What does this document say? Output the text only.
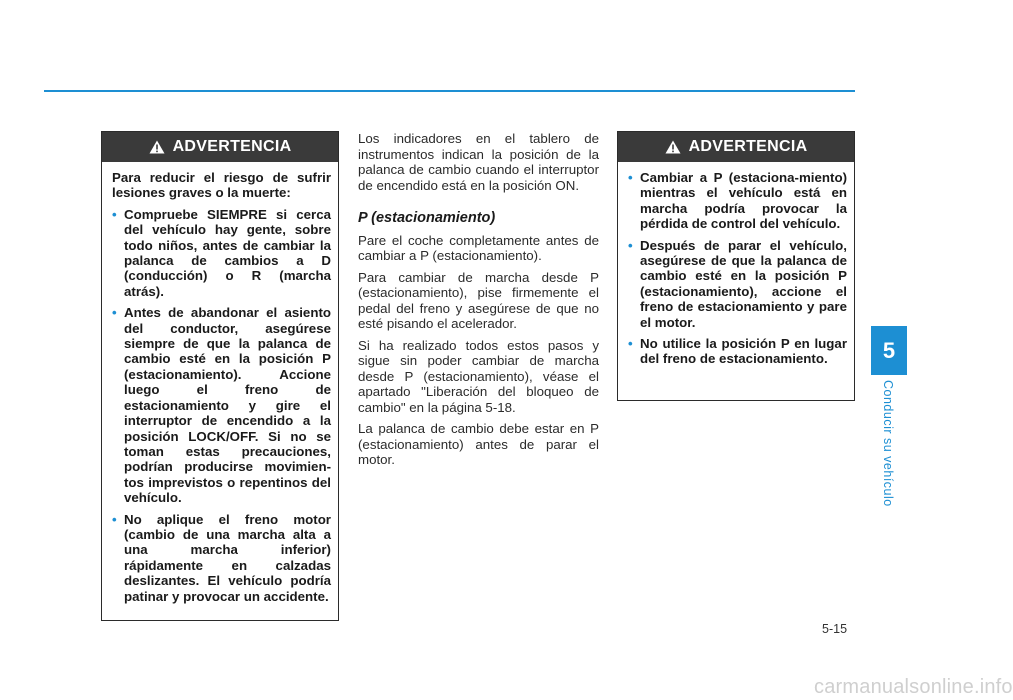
ADVERTENCIA

Para reducir el riesgo de sufrir lesiones graves o la muerte:

• Compruebe SIEMPRE si cerca del vehículo hay gente, sobre todo niños, antes de cambiar la palanca de cambios a D (conducción) o R (marcha atrás).
• Antes de abandonar el asiento del conductor, asegúrese siempre de que la palanca de cambio esté en la posición P (estacionamiento). Accione luego el freno de estacionamiento y gire el interruptor de encendido a la posición LOCK/OFF. Si no se toman estas precauciones, podrían producirse movimien-tos imprevistos o repentinos del vehículo.
• No aplique el freno motor (cambio de una marcha alta a una marcha inferior) rápidamente en calzadas deslizantes. El vehículo podría patinar y provocar un accidente.

Los indicadores en el tablero de instrumentos indican la posición de la palanca de cambio cuando el interruptor de encendido está en la posición ON.

P (estacionamiento)

Pare el coche completamente antes de cambiar a P (estacionamiento).

Para cambiar de marcha desde P (estacionamiento), pise firmemente el pedal del freno y asegúrese de que no esté pisando el acelerador.

Si ha realizado todos estos pasos y sigue sin poder cambiar de marcha desde P (estacionamiento), véase el apartado "Liberación del bloqueo de cambio" en la página 5-18.

La palanca de cambio debe estar en P (estacionamiento) antes de parar el motor.

ADVERTENCIA
• Cambiar a P (estaciona-miento) mientras el vehículo está en marcha podría provocar la pérdida de control del vehículo.
• Después de parar el vehículo, asegúrese de que la palanca de cambio esté en la posición P (estacionamiento), accione el freno de estacionamiento y pare el motor.
• No utilice la posición P en lugar del freno de estacionamiento.	5
Conducir su vehículo
5-15
carmanualsonline.info
